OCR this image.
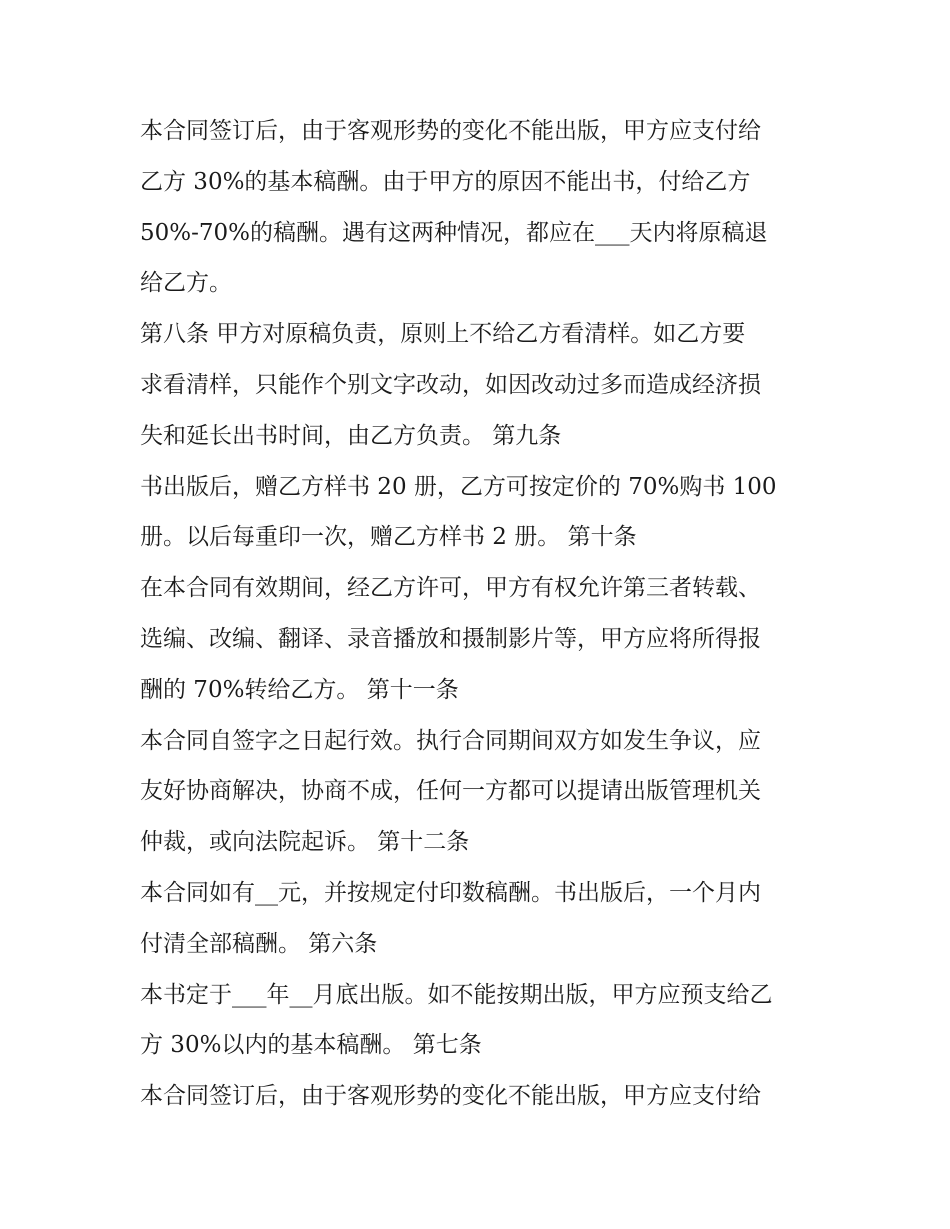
本合同签订后，由于客观形势的变化不能出版，甲方应支付给
乙方 30%的基本稿酬。由于甲方的原因不能出书，付给乙方
50%-70%的稿酬。遇有这两种情况，都应在___天内将原稿退
给乙方。
第八条 甲方对原稿负责，原则上不给乙方看清样。如乙方要
求看清样，只能作个别文字改动，如因改动过多而造成经济损
失和延长出书时间，由乙方负责。 第九条
书出版后，赠乙方样书 20 册，乙方可按定价的 70%购书 100
册。以后每重印一次，赠乙方样书 2 册。 第十条
在本合同有效期间，经乙方许可，甲方有权允许第三者转载、
选编、改编、翻译、录音播放和摄制影片等，甲方应将所得报
酬的 70%转给乙方。 第十一条
本合同自签字之日起行效。执行合同期间双方如发生争议，应
友好协商解决，协商不成，任何一方都可以提请出版管理机关
仲裁，或向法院起诉。 第十二条
本合同如有__元，并按规定付印数稿酬。书出版后，一个月内
付清全部稿酬。 第六条
本书定于___年__月底出版。如不能按期出版，甲方应预支给乙
方 30%以内的基本稿酬。 第七条
本合同签订后，由于客观形势的变化不能出版，甲方应支付给
